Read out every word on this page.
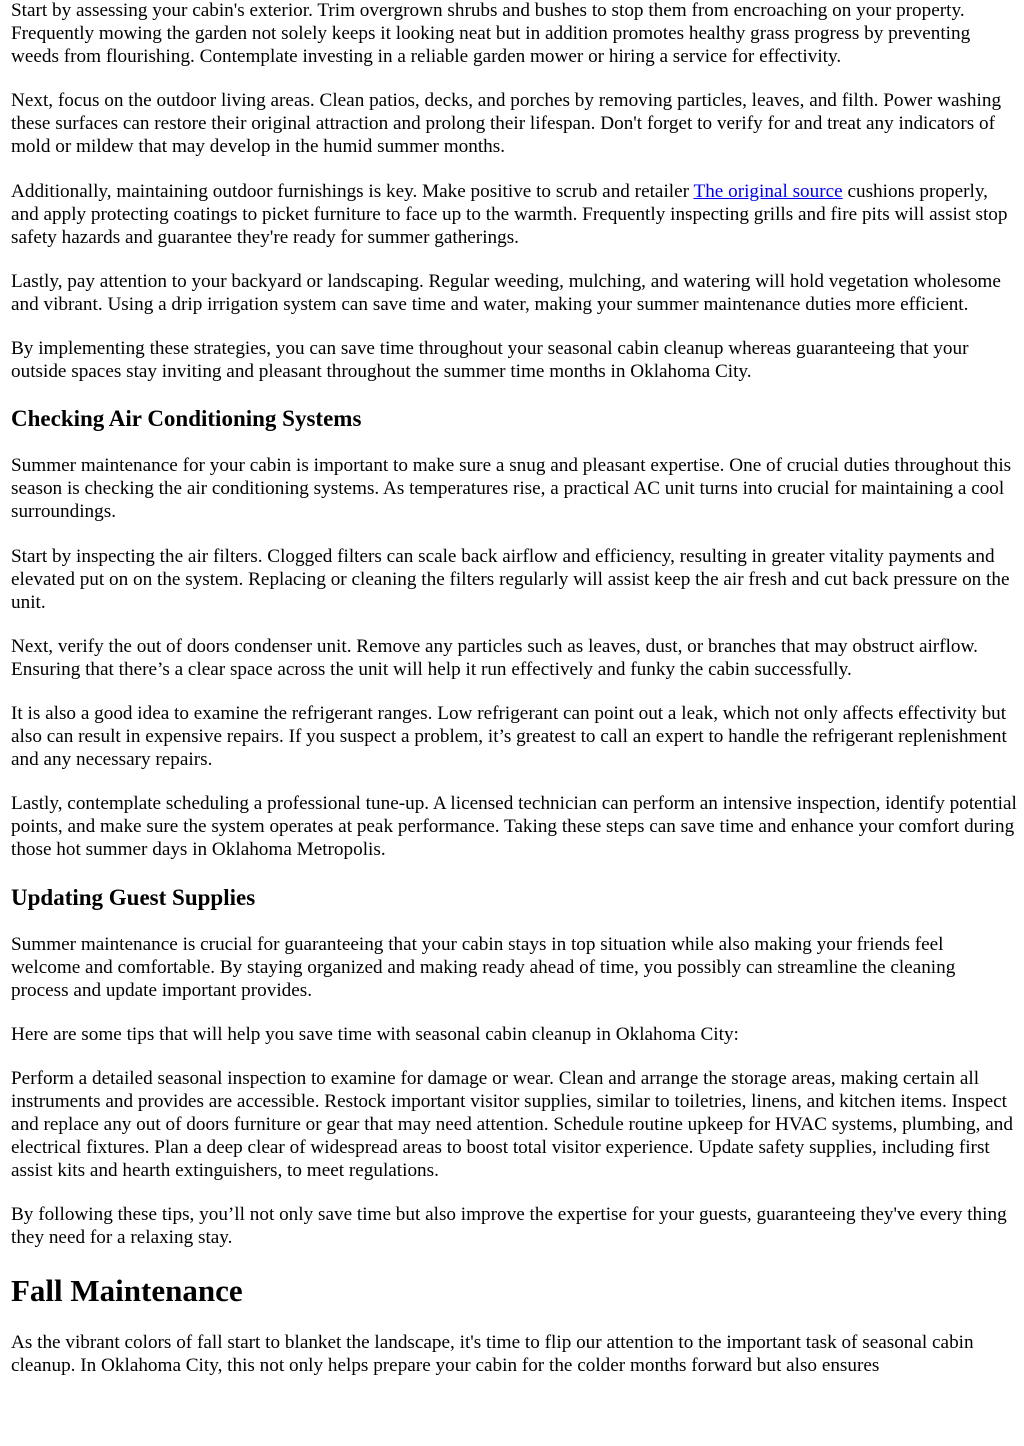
Start by assessing your cabin's exterior. Trim overgrown shrubs and bushes to stop them from encroaching on your property. Frequently mowing the garden not solely keeps it looking neat but in addition promotes healthy grass progress by preventing weeds from flourishing. Contemplate investing in a reliable garden mower or hiring a service for effectivity.

Next, focus on the outdoor living areas. Clean patios, decks, and porches by removing particles, leaves, and filth. Power washing these surfaces can restore their original attraction and prolong their lifespan. Don't forget to verify for and treat any indicators of mold or mildew that may develop in the humid summer months.

Additionally, maintaining outdoor furnishings is key. Make positive to scrub and retailer The original source cushions properly, and apply protecting coatings to picket furniture to face up to the warmth. Frequently inspecting grills and fire pits will assist stop safety hazards and guarantee they're ready for summer gatherings.

Lastly, pay attention to your backyard or landscaping. Regular weeding, mulching, and watering will hold vegetation wholesome and vibrant. Using a drip irrigation system can save time and water, making your summer maintenance duties more efficient.

By implementing these strategies, you can save time throughout your seasonal cabin cleanup whereas guaranteeing that your outside spaces stay inviting and pleasant throughout the summer time months in Oklahoma City.

Checking Air Conditioning Systems

Summer maintenance for your cabin is important to make sure a snug and pleasant expertise. One of crucial duties throughout this season is checking the air conditioning systems. As temperatures rise, a practical AC unit turns into crucial for maintaining a cool surroundings.

Start by inspecting the air filters. Clogged filters can scale back airflow and efficiency, resulting in greater vitality payments and elevated put on on the system. Replacing or cleaning the filters regularly will assist keep the air fresh and cut back pressure on the unit.

Next, verify the out of doors condenser unit. Remove any particles such as leaves, dust, or branches that may obstruct airflow. Ensuring that there’s a clear space across the unit will help it run effectively and funky the cabin successfully.

It is also a good idea to examine the refrigerant ranges. Low refrigerant can point out a leak, which not only affects effectivity but also can result in expensive repairs. If you suspect a problem, it’s greatest to call an expert to handle the refrigerant replenishment and any necessary repairs.

Lastly, contemplate scheduling a professional tune-up. A licensed technician can perform an intensive inspection, identify potential points, and make sure the system operates at peak performance. Taking these steps can save time and enhance your comfort during those hot summer days in Oklahoma Metropolis.

Updating Guest Supplies

Summer maintenance is crucial for guaranteeing that your cabin stays in top situation while also making your friends feel welcome and comfortable. By staying organized and making ready ahead of time, you possibly can streamline the cleaning process and update important provides.

Here are some tips that will help you save time with seasonal cabin cleanup in Oklahoma City:

Perform a detailed seasonal inspection to examine for damage or wear. Clean and arrange the storage areas, making certain all instruments and provides are accessible. Restock important visitor supplies, similar to toiletries, linens, and kitchen items. Inspect and replace any out of doors furniture or gear that may need attention. Schedule routine upkeep for HVAC systems, plumbing, and electrical fixtures. Plan a deep clear of widespread areas to boost total visitor experience. Update safety supplies, including first assist kits and hearth extinguishers, to meet regulations.

By following these tips, you’ll not only save time but also improve the expertise for your guests, guaranteeing they've every thing they need for a relaxing stay.

Fall Maintenance

As the vibrant colors of fall start to blanket the landscape, it's time to flip our attention to the important task of seasonal cabin cleanup. In Oklahoma City, this not only helps prepare your cabin for the colder months forward but also ensures
